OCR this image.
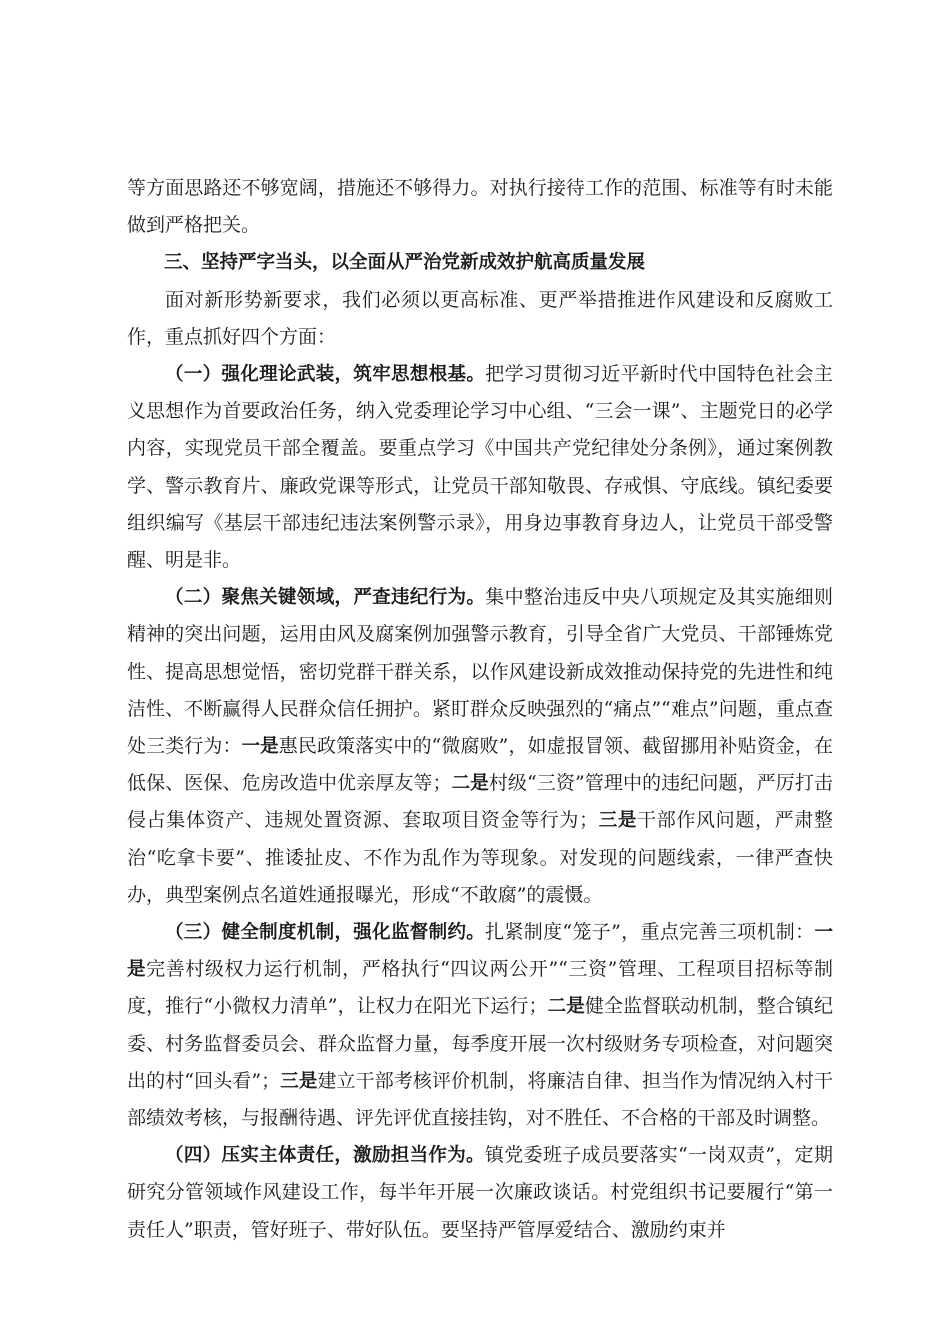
等方面思路还不够宽阔，措施还不够得力。对执行接待工作的范围、标准等有时未能做到严格把关。

三、坚持严字当头，以全面从严治党新成效护航高质量发展

面对新形势新要求，我们必须以更高标准、更严举措推进作风建设和反腐败工作，重点抓好四个方面：

（一）强化理论武装，筑牢思想根基。把学习贯彻习近平新时代中国特色社会主义思想作为首要政治任务，纳入党委理论学习中心组、“三会一课”、主题党日的必学内容，实现党员干部全覆盖。要重点学习《中国共产党纪律处分条例》，通过案例教学、警示教育片、廉政党课等形式，让党员干部知敬畏、存戒惧、守底线。镇纪委要组织编写《基层干部违纪违法案例警示录》，用身边事教育身边人，让党员干部受警醒、明是非。

（二）聚焦关键领域，严查违纪行为。集中整治违反中央八项规定及其实施细则精神的突出问题，运用由风及腐案例加强警示教育，引导全省广大党员、干部锤炼党性、提高思想觉悟，密切党群干群关系，以作风建设新成效推动保持党的先进性和纯洁性、不断赢得人民群众信任拥护。紧盯群众反映强烈的“痛点”“难点”问题，重点查处三类行为：一是惠民政策落实中的“微腐败”，如虚报冒领、截留挪用补贴资金，在低保、医保、危房改造中优亲厚友等；二是村级“三资”管理中的违纪问题，严厉打击侵占集体资产、违规处置资源、套取项目资金等行为；三是干部作风问题，严肃整治“吃拿卡要”、推诿扯皮、不作为乱作为等现象。对发现的问题线索，一律严查快办，典型案例点名道姓通报曝光，形成“不敢腐”的震慑。

（三）健全制度机制，强化监督制约。扎紧制度“笼子”，重点完善三项机制：一是完善村级权力运行机制，严格执行“四议两公开”“三资”管理、工程项目招标等制度，推行“小微权力清单”，让权力在阳光下运行；二是健全监督联动机制，整合镇纪委、村务监督委员会、群众监督力量，每季度开展一次村级财务专项检查，对问题突出的村“回头看”；三是建立干部考核评价机制，将廉洁自律、担当作为情况纳入村干部绩效考核，与报酬待遇、评先评优直接挂钩，对不胜任、不合格的干部及时调整。

（四）压实主体责任，激励担当作为。镇党委班子成员要落实“一岗双责”，定期研究分管领域作风建设工作，每半年开展一次廉政谈话。村党组织书记要履行“第一责任人”职责，管好班子、带好队伍。要坚持严管厚爱结合、激励约束并
